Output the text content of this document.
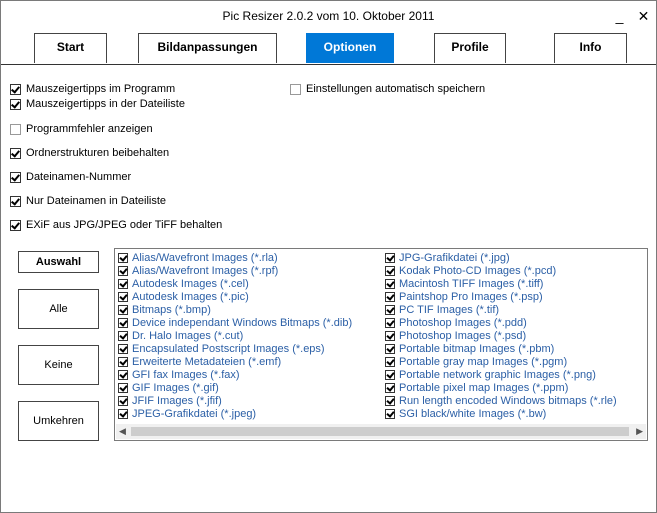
Pic Resizer 2.0.2 vom 10. Oktober 2011	_	✕
Start	Bildanpassungen	Optionen	Profile	Info
Mauszeigertipps im Programm
Mauszeigertipps in der Dateiliste
Programmfehler anzeigen
Ordnerstrukturen beibehalten
Dateinamen-Nummer
Nur Dateinamen in Dateiliste
EXiF aus JPG/JPEG oder TiFF behalten
Einstellungen automatisch speichern
Auswahl
Alle
Keine
Umkehren
Alias/Wavefront Images (*.rla)
Alias/Wavefront Images (*.rpf)
Autodesk Images (*.cel)
Autodesk Images (*.pic)
Bitmaps (*.bmp)
Device independant Windows Bitmaps (*.dib)
Dr. Halo Images (*.cut)
Encapsulated Postscript Images (*.eps)
Erweiterte Metadateien (*.emf)
GFI fax Images (*.fax)
GIF Images (*.gif)
JFIF Images (*.jfif)
JPEG-Grafikdatei (*.jpeg)
JPG-Grafikdatei (*.jpg)
Kodak Photo-CD Images (*.pcd)
Macintosh TIFF Images (*.tiff)
Paintshop Pro Images (*.psp)
PC TIF Images (*.tif)
Photoshop Images (*.pdd)
Photoshop Images (*.psd)
Portable bitmap Images (*.pbm)
Portable gray map Images (*.pgm)
Portable network graphic Images (*.png)
Portable pixel map Images (*.ppm)
Run length encoded Windows bitmaps (*.rle)
SGI black/white Images (*.bw)
◀	▶
